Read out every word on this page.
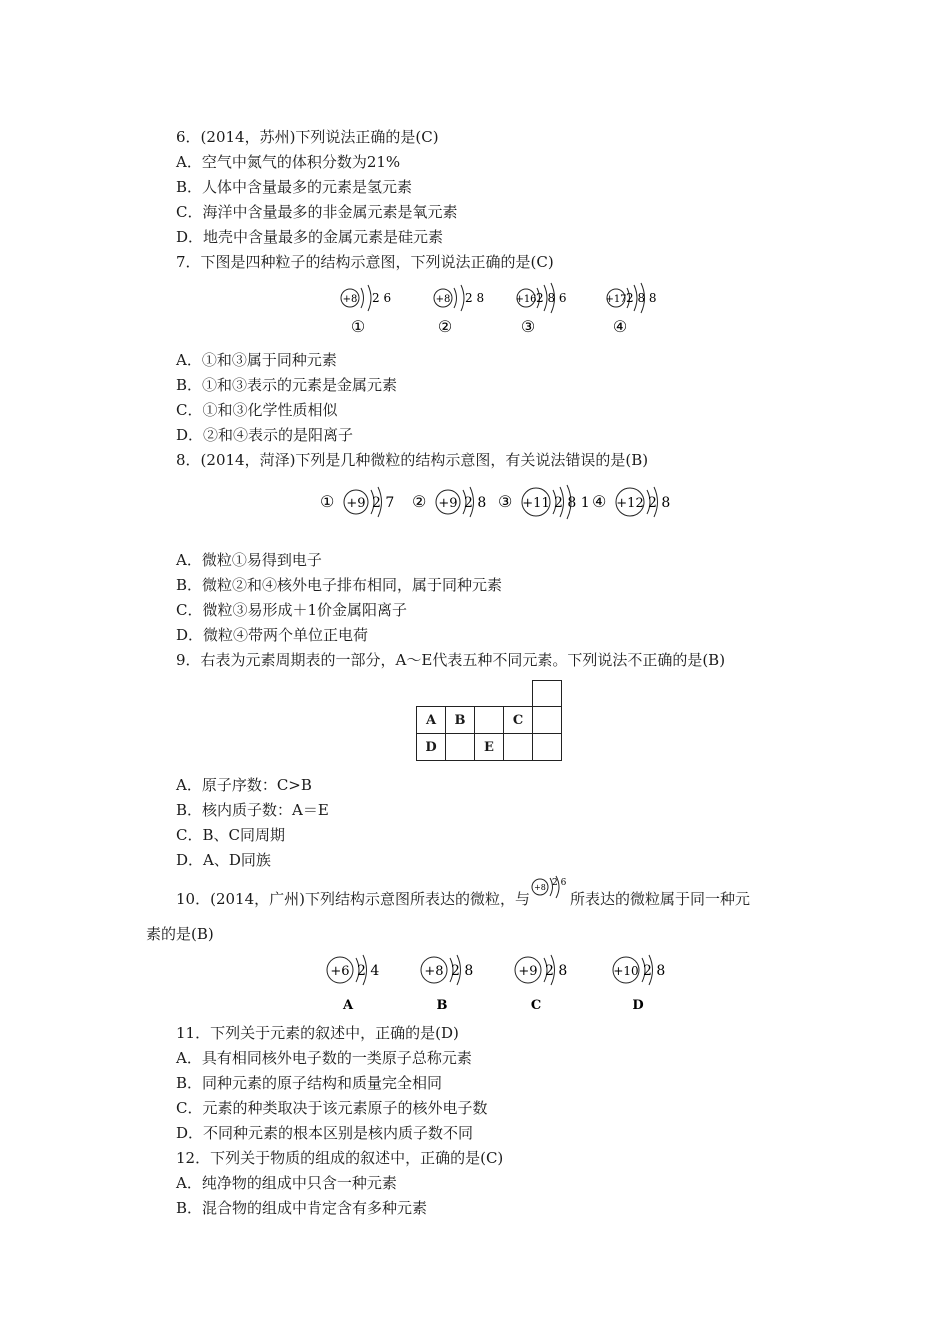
6．(2014，苏州)下列说法正确的是(C)
A．空气中氮气的体积分数为21%
B．人体中含量最多的元素是氢元素
C．海洋中含量最多的非金属元素是氧元素
D．地壳中含量最多的金属元素是硅元素
7．下图是四种粒子的结构示意图，下列说法正确的是(C)
+8 2 6
①
+8 2 8
②
+16 2 8 6
③
+17 2 8 8
④
A．①和③属于同种元素
B．①和③表示的元素是金属元素
C．①和③化学性质相似
D．②和④表示的是阳离子
8．(2014，菏泽)下列是几种微粒的结构示意图，有关说法错误的是(B)
① +9 2 7 ② +9 2 8 ③ +11 2 8 1 ④ +12 2 8
A．微粒①易得到电子
B．微粒②和④核外电子排布相同，属于同种元素
C．微粒③易形成＋1价金属阳离子
D．微粒④带两个单位正电荷
9．右表为元素周期表的一部分，A～E代表五种不同元素。下列说法不正确的是(B)
A	B		C	
D		E		
A．原子序数：C>B
B．核内质子数：A＝E
C．B、C同周期
D．A、D同族
10．(2014，广州)下列结构示意图所表达的微粒，与
+8 2 6
所表达的微粒属于同一种元
素的是(B)
+6 2 4
A
+8 2 8
B
+9 2 8
C
+10 2 8
D
11．下列关于元素的叙述中，正确的是(D)
A．具有相同核外电子数的一类原子总称元素
B．同种元素的原子结构和质量完全相同
C．元素的种类取决于该元素原子的核外电子数
D．不同种元素的根本区别是核内质子数不同
12．下列关于物质的组成的叙述中，正确的是(C)
A．纯净物的组成中只含一种元素
B．混合物的组成中肯定含有多种元素
